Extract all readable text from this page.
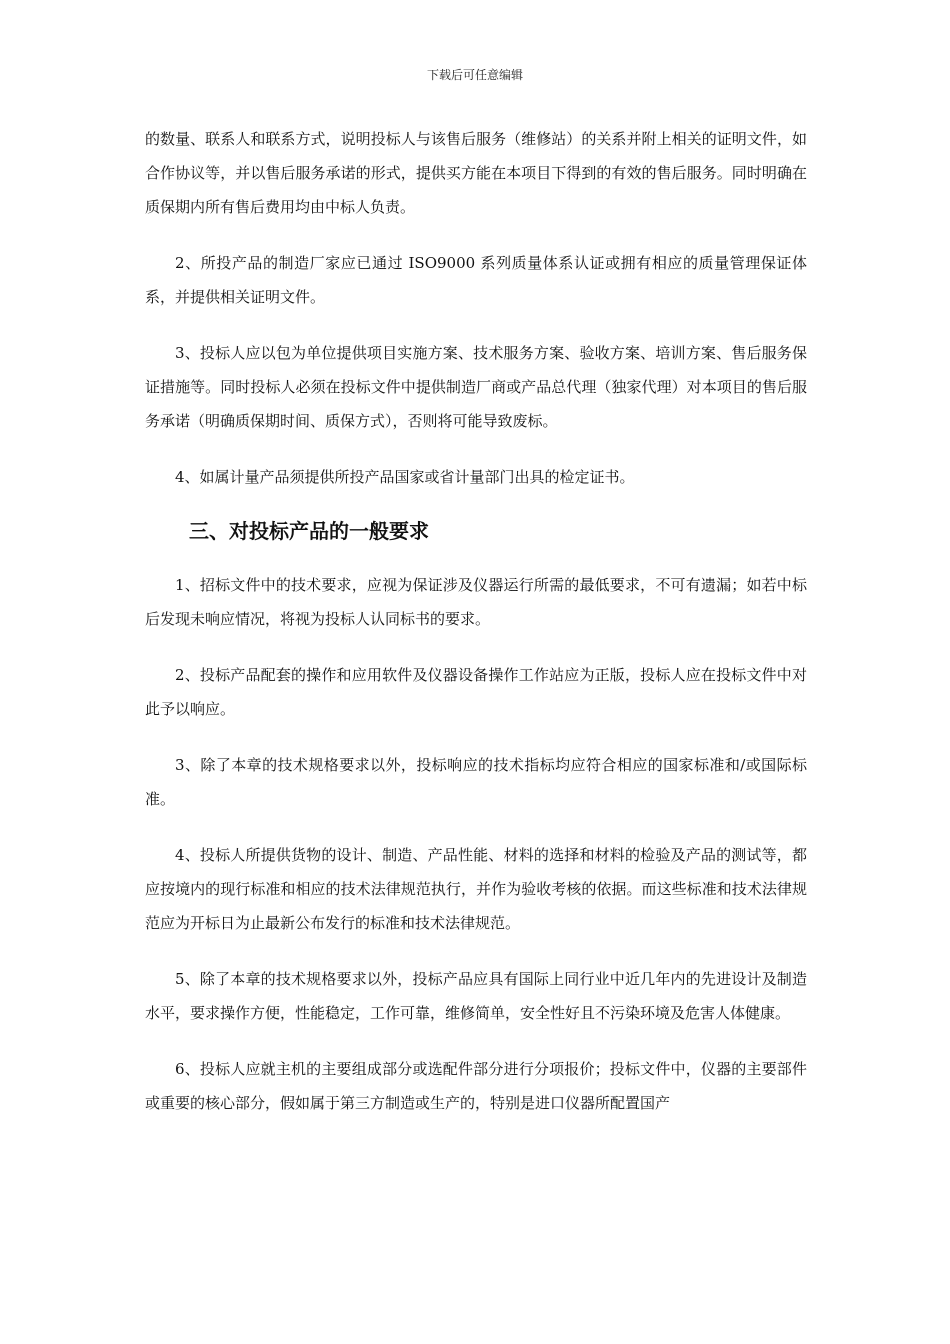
下载后可任意编辑

的数量、联系人和联系方式，说明投标人与该售后服务（维修站）的关系并附上相关的证明文件，如合作协议等，并以售后服务承诺的形式，提供买方能在本项目下得到的有效的售后服务。同时明确在质保期内所有售后费用均由中标人负责。

2、所投产品的制造厂家应已通过 ISO9000 系列质量体系认证或拥有相应的质量管理保证体系，并提供相关证明文件。

3、投标人应以包为单位提供项目实施方案、技术服务方案、验收方案、培训方案、售后服务保证措施等。同时投标人必须在投标文件中提供制造厂商或产品总代理（独家代理）对本项目的售后服务承诺（明确质保期时间、质保方式），否则将可能导致废标。

4、如属计量产品须提供所投产品国家或省计量部门出具的检定证书。

三、对投标产品的一般要求

1、招标文件中的技术要求，应视为保证涉及仪器运行所需的最低要求，不可有遗漏；如若中标后发现未响应情况，将视为投标人认同标书的要求。

2、投标产品配套的操作和应用软件及仪器设备操作工作站应为正版，投标人应在投标文件中对此予以响应。

3、除了本章的技术规格要求以外，投标响应的技术指标均应符合相应的国家标准和/或国际标准。

4、投标人所提供货物的设计、制造、产品性能、材料的选择和材料的检验及产品的测试等，都应按境内的现行标准和相应的技术法律规范执行，并作为验收考核的依据。而这些标准和技术法律规范应为开标日为止最新公布发行的标准和技术法律规范。

5、除了本章的技术规格要求以外，投标产品应具有国际上同行业中近几年内的先进设计及制造水平，要求操作方便，性能稳定，工作可靠，维修简单，安全性好且不污染环境及危害人体健康。

6、投标人应就主机的主要组成部分或选配件部分进行分项报价；投标文件中，仪器的主要部件或重要的核心部分，假如属于第三方制造或生产的，特别是进口仪器所配置国产
